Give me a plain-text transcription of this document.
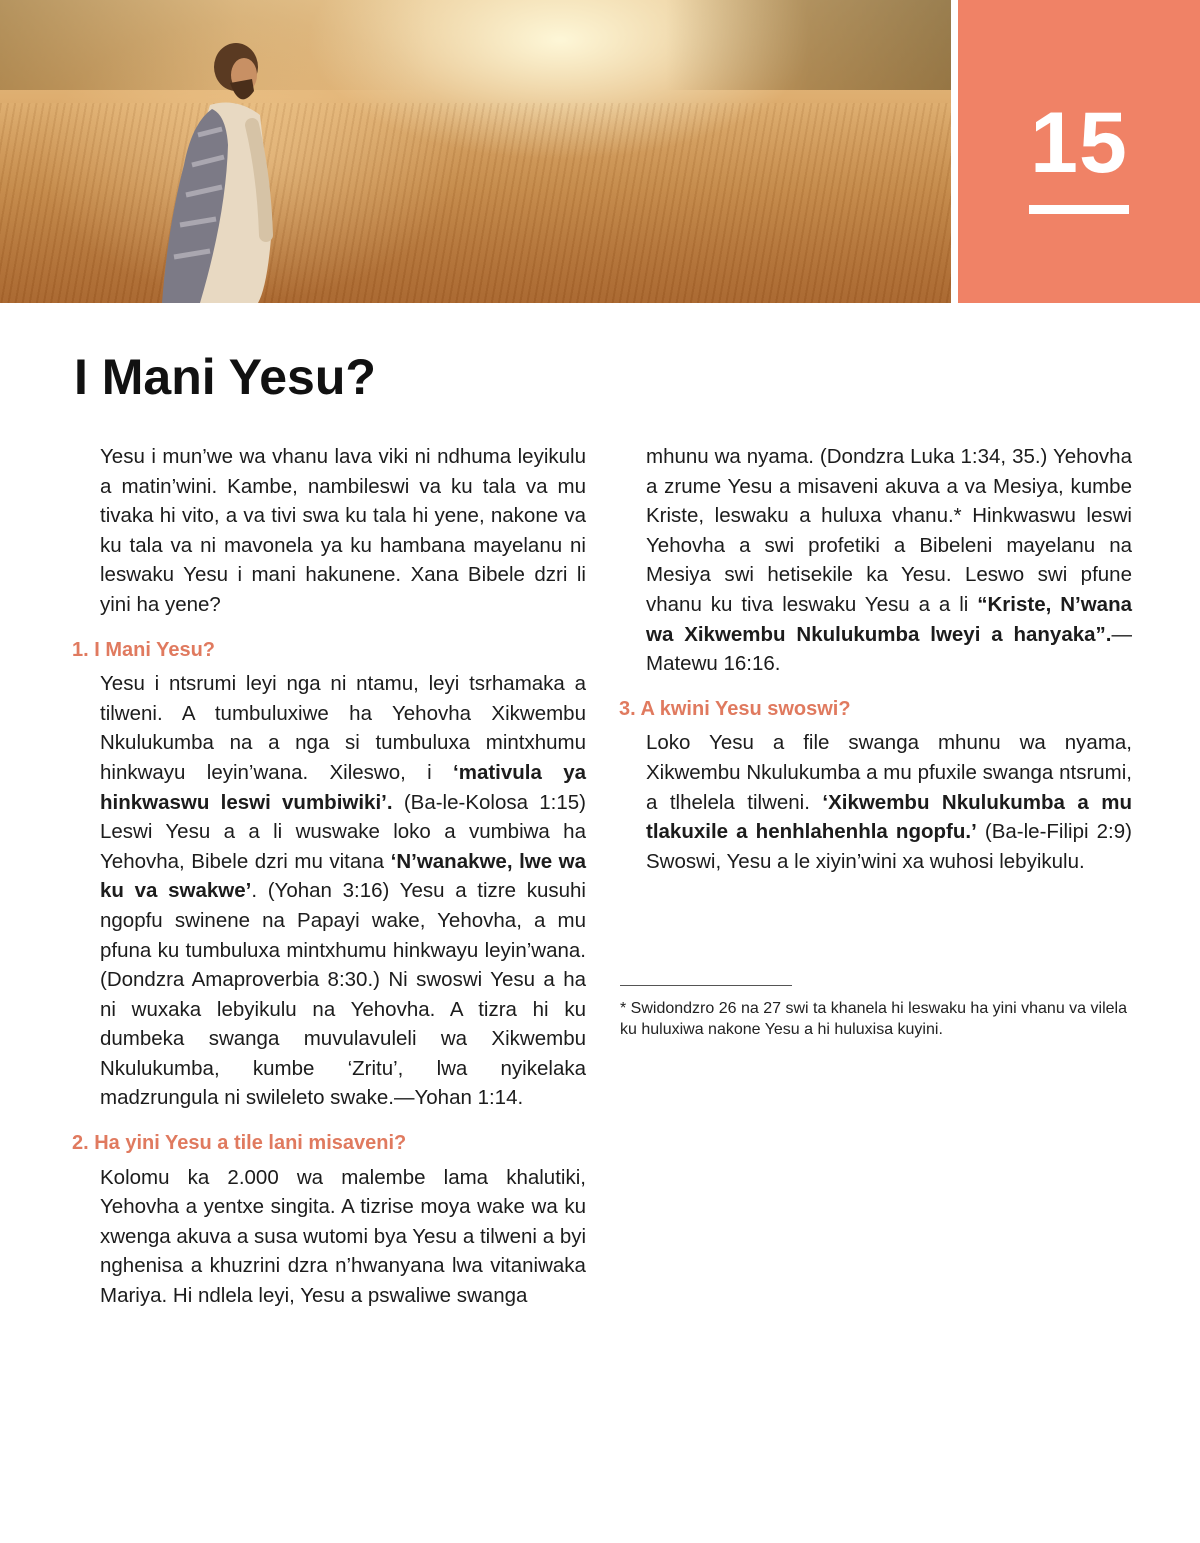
15
I Mani Yesu?

Yesu i mun’we wa vhanu lava viki ni ndhuma leyikulu a matin’wini. Kambe, nambileswi va ku tala va mu tivaka hi vito, a va tivi swa ku tala hi yene, nakone va ku tala va ni mavonela ya ku hambana mayelanu ni leswaku Yesu i mani hakunene. Xana Bibele dzri li yini ha yene?

1. I Mani Yesu?

Yesu i ntsrumi leyi nga ni ntamu, leyi tsrhamaka a tilweni. A tumbuluxiwe ha Yehovha Xikwembu Nkulukumba na a nga si tumbuluxa mintxhumu hinkwayu leyin’wana. Xileswo, i ‘mativula ya hinkwaswu leswi vumbiwiki’. (Ba-le-Kolosa 1:15) Leswi Yesu a a li wuswake loko a vumbiwa ha Yehovha, Bibele dzri mu vitana ‘N’wanakwe, lwe wa ku va swakwe’. (Yohan 3:16) Yesu a tizre kusuhi ngopfu swinene na Papayi wake, Yehovha, a mu pfuna ku tumbuluxa mintxhumu hinkwayu leyin’wana. (Dondzra Amaproverbia 8:30.) Ni swoswi Yesu a ha ni wuxaka lebyikulu na Yehovha. A tizra hi ku dumbeka swanga muvulavuleli wa Xikwembu Nkulukumba, kumbe ‘Zritu’, lwa nyikelaka madzrungula ni swileleto swake.—Yohan 1:14.

2. Ha yini Yesu a tile lani misaveni?

Kolomu ka 2.000 wa malembe lama khalutiki, Yehovha a yentxe singita. A tizrise moya wake wa ku xwenga akuva a susa wutomi bya Yesu a tilweni a byi nghenisa a khuzrini dzra n’hwanyana lwa vitaniwaka Mariya. Hi ndlela leyi, Yesu a pswaliwe swanga

mhunu wa nyama. (Dondzra Luka 1:34, 35.) Yehovha a zrume Yesu a misaveni akuva a va Mesiya, kumbe Kriste, leswaku a huluxa vhanu.* Hinkwaswu leswi Yehovha a swi profetiki a Bibeleni mayelanu na Mesiya swi hetisekile ka Yesu. Leswo swi pfune vhanu ku tiva leswaku Yesu a a li “Kriste, N’wana wa Xikwembu Nkulukumba lweyi a hanyaka”.—Matewu 16:16.

3. A kwini Yesu swoswi?

Loko Yesu a file swanga mhunu wa nyama, Xikwembu Nkulukumba a mu pfuxile swanga ntsrumi, a tlhelela tilweni. ‘Xikwembu Nkulukumba a mu tlakuxile a henhlahenhla ngopfu.’ (Ba-le-Filipi 2:9) Swoswi, Yesu a le xiyin’wini xa wuhosi lebyikulu.

* Swidondzro 26 na 27 swi ta khanela hi leswaku ha yini vhanu va vilela ku huluxiwa nakone Yesu a hi huluxisa kuyini.
